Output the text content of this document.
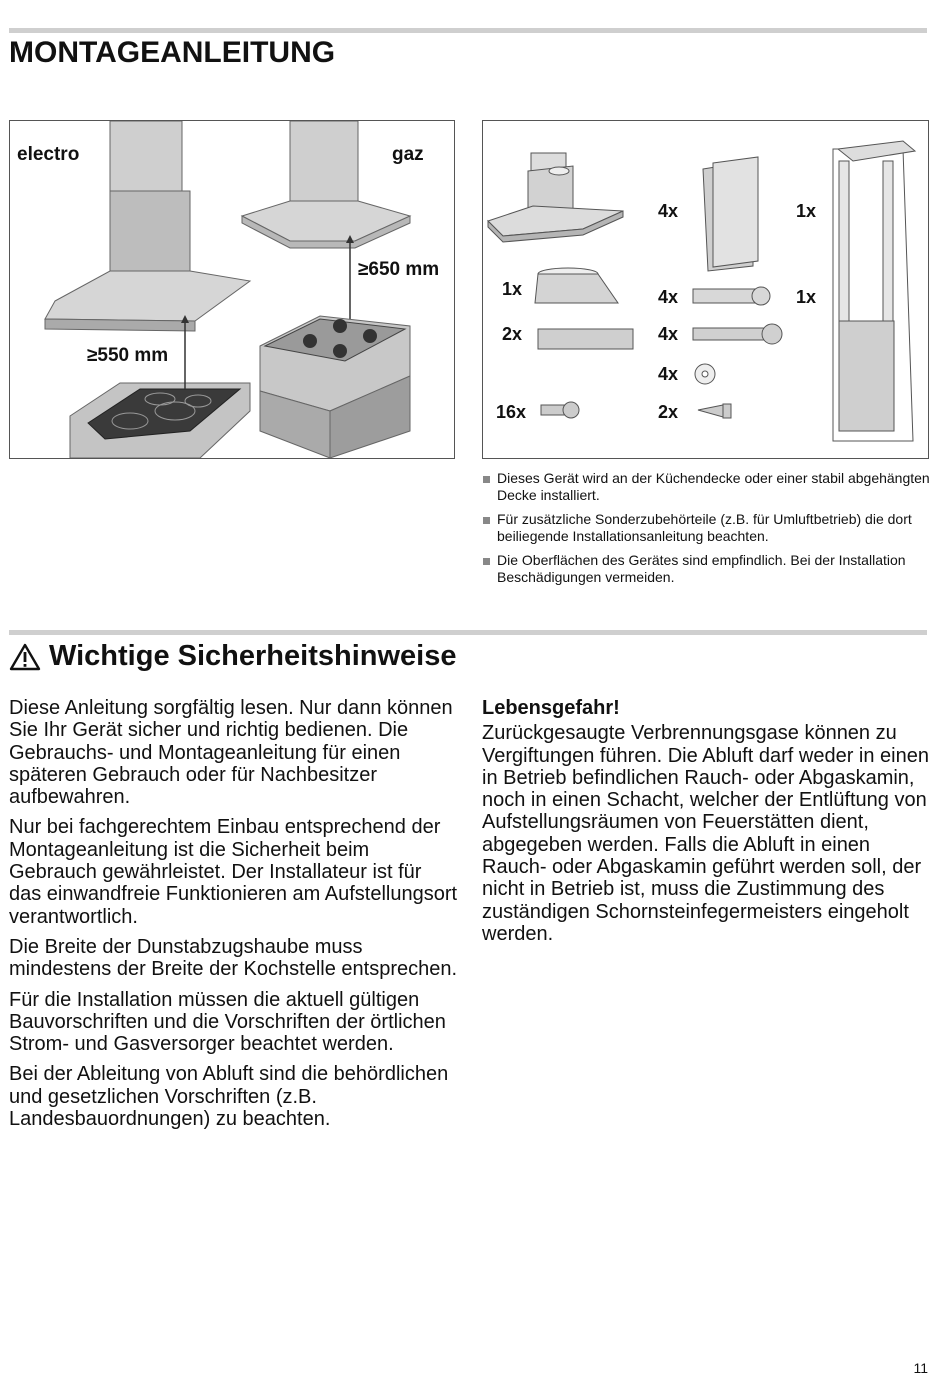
MONTAGEANLEITUNG
electro	gaz
≥650 mm
≥550 mm
4x	1x
1x	4x	1x
2x	4x
4x
16x	2x
Dieses Gerät wird an der Küchendecke oder einer stabil abgehängten Decke installiert.
Für zusätzliche Sonderzubehörteile (z.B. für Umluftbetrieb) die dort beiliegende Installationsanleitung beachten.
Die Oberflächen des Gerätes sind empfindlich. Bei der Installation Beschädigungen vermeiden.
Wichtige Sicherheitshinweise

Diese Anleitung sorgfältig lesen. Nur dann können Sie Ihr Gerät sicher und richtig bedienen. Die Gebrauchs- und Montageanleitung für einen späteren Gebrauch oder für Nachbesitzer aufbewahren.

Nur bei fachgerechtem Einbau entsprechend der Montageanleitung ist die Sicherheit beim Gebrauch gewährleistet. Der Installateur ist für das einwandfreie Funktionieren am Aufstellungsort verantwortlich.

Die Breite der Dunstabzugshaube muss mindestens der Breite der Kochstelle entsprechen.

Für die Installation müssen die aktuell gültigen Bauvorschriften und die Vorschriften der örtlichen Strom- und Gasversorger beachtet werden.

Bei der Ableitung von Abluft sind die behördlichen und gesetzlichen Vorschriften (z.B. Landesbauordnungen) zu beachten.

Lebensgefahr!

Zurückgesaugte Verbrennungsgase können zu Vergiftungen führen. Die Abluft darf weder in einen in Betrieb befindlichen Rauch- oder Abgaskamin, noch in einen Schacht, welcher der Entlüftung von Aufstellungsräumen von Feuerstätten dient, abgegeben werden. Falls die Abluft in einen Rauch- oder Abgaskamin geführt werden soll, der nicht in Betrieb ist, muss die Zustimmung des zuständigen Schornsteinfegermeisters eingeholt werden.

11
